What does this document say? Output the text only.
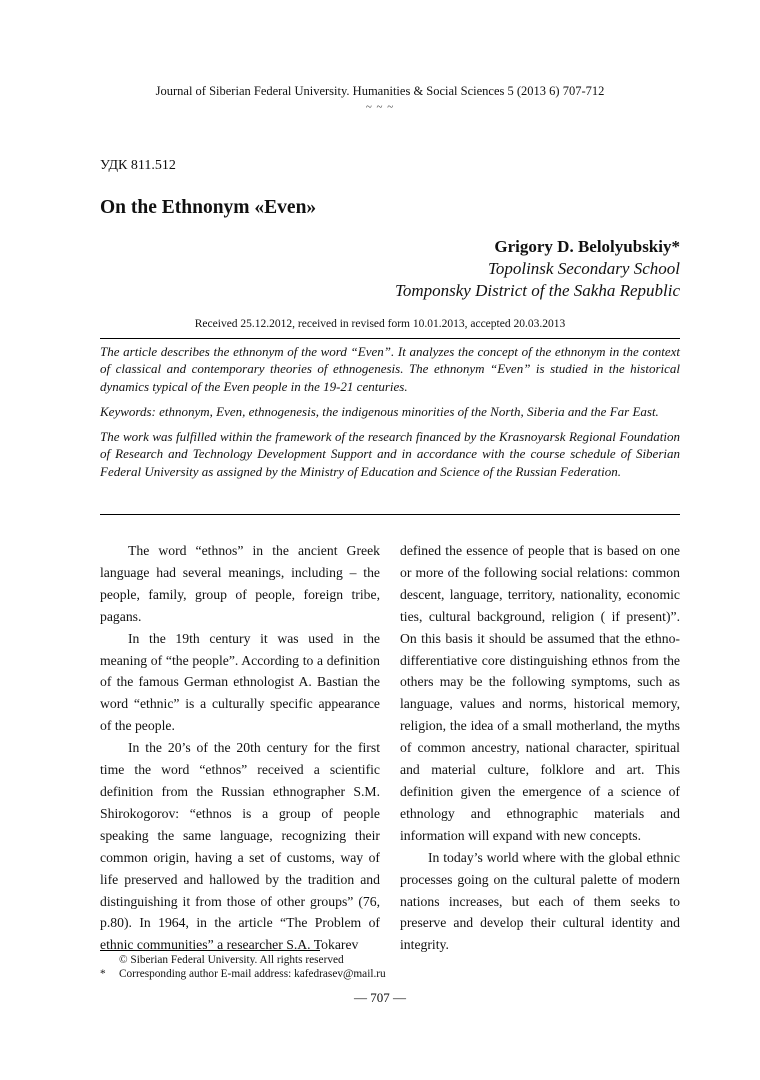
Journal of Siberian Federal University. Humanities & Social Sciences 5 (2013 6) 707-712
~ ~ ~
УДК 811.512
On the Ethnonym «Even»
Grigory D. Belolyubskiy*
Topolinsk Secondary School
Tomponsky District of the Sakha Republic
Received 25.12.2012, received in revised form 10.01.2013, accepted 20.03.2013

The article describes the ethnonym of the word “Even”. It analyzes the concept of the ethnonym in the context of classical and contemporary theories of ethnogenesis. The ethnonym “Even” is studied in the historical dynamics typical of the Even people in the 19-21 centuries.

Keywords: ethnonym, Even, ethnogenesis, the indigenous minorities of the North, Siberia and the Far East.

The work was fulfilled within the framework of the research financed by the Krasnoyarsk Regional Foundation of Research and Technology Development Support and in accordance with the course schedule of Siberian Federal University as assigned by the Ministry of Education and Science of the Russian Federation.

The word “ethnos” in the ancient Greek language had several meanings, including – the people, family, group of people, foreign tribe, pagans.

In the 19th century it was used in the meaning of “the people”. According to a definition of the famous German ethnologist A. Bastian the word “ethnic” is a culturally specific appearance of the people.

In the 20’s of the 20th century for the first time the word “ethnos” received a scientific definition from the Russian ethnographer S.M. Shirokogorov: “ethnos is a group of people speaking the same language, recognizing their common origin, having a set of customs, way of life preserved and hallowed by the tradition and distinguishing it from those of other groups” (76, p.80). In 1964, in the article “The Problem of ethnic communities” a researcher S.A. Tokarev

defined the essence of people that is based on one or more of the following social relations: common descent, language, territory, nationality, economic ties, cultural background, religion ( if present)”. On this basis it should be assumed that the ethno-differentiative core distinguishing ethnos from the others may be the following symptoms, such as language, values and norms, historical memory, religion, the idea of a small motherland, the myths of common ancestry, national character, spiritual and material culture, folklore and art. This definition given the emergence of a science of ethnology and ethnographic materials and information will expand with new concepts.

In today’s world where with the global ethnic processes going on the cultural palette of modern nations increases, but each of them seeks to preserve and develop their cultural identity and integrity.

© Siberian Federal University. All rights reserved
* Corresponding author E-mail address: kafedrasev@mail.ru
— 707 —
